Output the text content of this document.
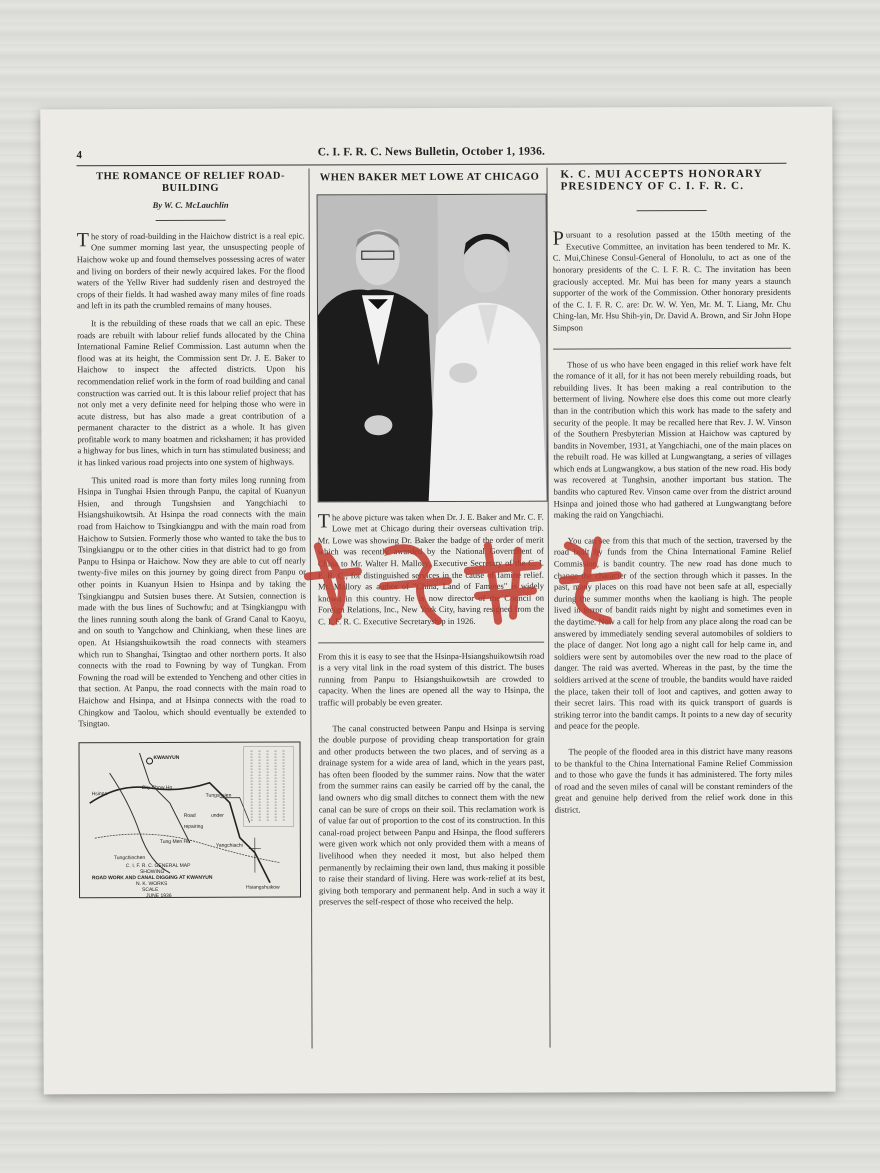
4	C. I. F. R. C. News Bulletin, October 1, 1936.
THE ROMANCE OF RELIEF ROAD-BUILDING
By W. C. McLauchlin

The story of road-building in the Haichow district is a real epic. One summer morning last year, the unsuspecting people of Haichow woke up and found themselves possessing acres of water and living on borders of their newly acquired lakes. For the flood waters of the Yellw River had suddenly risen and destroyed the crops of their fields. It had washed away many miles of fine roads and left in its path the crumbled remains of many houses.

It is the rebuilding of these roads that we call an epic. These roads are rebuilt with labour relief funds allocated by the China International Famine Relief Commission. Last autumn when the flood was at its height, the Commission sent Dr. J. E. Baker to Haichow to inspect the affected districts. Upon his recommendation relief work in the form of road building and canal construction was carried out. It is this labour relief project that has not only met a very definite need for helping those who were in acute distress, but has also made a great contribution of a permanent character to the district as a whole. It has given profitable work to many boatmen and rickshamen; it has provided a highway for bus lines, which in turn has stimulated business; and it has linked various road projects into one system of highways.

This united road is more than forty miles long running from Hsinpa in Tunghai Hsien through Panpu, the capital of Kuanyun Hsien, and through Tungshsien and Yangchiachi to Hsiangshuikowtsih. At Hsinpa the road connects with the main road from Haichow to Tsingkiangpu and with the main road from Haichow to Sutsien. Formerly those who wanted to take the bus to Tsingkiangpu or to the other cities in that district had to go from Panpu to Hsinpa or Haichow. Now they are able to cut off nearly twenty-five miles on this journey by going direct from Panpu or other points in Kuanyun Hsien to Hsinpa and by taking the Tsingkiangpu and Sutsien buses there. At Sutsien, connection is made with the bus lines of Suchowfu; and at Tsingkiangpu with the lines running south along the bank of Grand Canal to Kaoyu, and on south to Yangchow and Chinkiang, when these lines are open. At Hsiangshuikowtsih the road connects with steamers which run to Shanghai, Tsingtao and other northern ports. It also connects with the road to Fowning by way of Tungkan. From Fowning the road will be extended to Yencheng and other cities in that section. At Panpu, the road connects with the main road to Haichow and Hsinpa, and at Hsinpa connects with the road to Chingkow and Taolou, which should eventually be extended to Tsingtao.

KWANYUN
Hsinpa
City Chow Ho
Tungshsien
Road under repairing
Yangchiachi
Tungchinchen
Tung Men Ho
Hsiangshuikow
C. I. F. R. C. GENERAL MAP
SHOWING
ROAD WORK AND CANAL DIGGING AT KWANYUN
N. K. WORKS
SCALE
JUNE 1936
WHEN BAKER MET LOWE AT CHICAGO

The above picture was taken when Dr. J. E. Baker and Mr. C. F. Lowe met at Chicago during their overseas cultivation trip. Mr. Lowe was showing Dr. Baker the badge of the order of merit which was recently awarded by the National Government of China to Mr. Walter H. Mallory, Executive Secretary of the C. I. F. R. C., for distinguished services in the cause of famine relief. Mr. Mallory as author of "China, Land of Famines" is widely known in this country. He is now director of the Council on Foreign Relations, Inc., New York City, having resigned from the C. I. F. R. C. Executive Secretaryship in 1926.

From this it is easy to see that the Hsinpa-Hsiangshuikowtsih road is a very vital link in the road system of this district. The buses running from Panpu to Hsiangshuikowtsih are crowded to capacity. When the lines are opened all the way to Hsinpa, the traffic will probably be even greater.

The canal constructed between Panpu and Hsinpa is serving the double purpose of providing cheap transportation for grain and other products between the two places, and of serving as a drainage system for a wide area of land, which in the years past, has often been flooded by the summer rains. Now that the water from the summer rains can easily be carried off by the canal, the land owners who dig small ditches to connect them with the new canal can be sure of crops on their soil. This reclamation work is of value far out of proportion to the cost of its construction. In this canal-road project between Panpu and Hsinpa, the flood sufferers were given work which not only provided them with a means of livelihood when they needed it most, but also helped them permanently by reclaiming their own land, thus making it possible to raise their standard of living. Here was work-relief at its best, giving both temporary and permanent help. And in such a way it preserves the self-respect of those who received the help.

K. C. MUI ACCEPTS HONORARY PRESIDENCY OF C. I. F. R. C.

Pursuant to a resolution passed at the 150th meeting of the Executive Committee, an invitation has been tendered to Mr. K. C. Mui,Chinese Consul-General of Honolulu, to act as one of the honorary presidents of the C. I. F. R. C. The invitation has been graciously accepted. Mr. Mui has been for many years a staunch supporter of the work of the Commission. Other honorary presidents of the C. I. F. R. C. are: Dr. W. W. Yen, Mr. M. T. Liang, Mr. Chu Ching-lan, Mr. Hsu Shih-yin, Dr. David A. Brown, and Sir John Hope Simpson

Those of us who have been engaged in this relief work have felt the romance of it all, for it has not been merely rebuilding roads, but rebuilding lives. It has been making a real contribution to the betterment of living. Nowhere else does this come out more clearly than in the contribution which this work has made to the safety and security of the people. It may be recalled here that Rev. J. W. Vinson of the Southern Presbyterian Mission at Haichow was captured by bandits in November, 1931, at Yangchiachi, one of the main places on the rebuilt road. He was killed at Lungwangtang, a series of villages which ends at Lungwangkow, a bus station of the new road. His body was recovered at Tunghsin, another important bus station. The bandits who captured Rev. Vinson came over from the district around Hsinpa and joined those who had gathered at Lungwangtang before making the raid on Yangchiachi.

You can see from this that much of the section, traversed by the road built by funds from the China International Famine Relief Commission, is bandit country. The new road has done much to change the character of the section through which it passes. In the past, many places on this road have not been safe at all, especially during the summer months when the kaoliang is high. The people lived in terror of bandit raids night by night and sometimes even in the daytime. Now a call for help from any place along the road can be answered by immediately sending several automobiles of soldiers to the place of danger. Not long ago a night call for help came in, and soldiers were sent by automobiles over the new road to the place of danger. The raid was averted. Whereas in the past, by the time the soldiers arrived at the scene of trouble, the bandits would have raided the place, taken their toll of loot and captives, and gotten away to their secret lairs. This road with its quick transport of guards is striking terror into the bandit camps. It points to a new day of security and peace for the people.

The people of the flooded area in this district have many reasons to be thankful to the China International Famine Relief Commission and to those who gave the funds it has administered. The forty miles of road and the seven miles of canal will be constant reminders of the great and genuine help derived from the relief work done in this district.
